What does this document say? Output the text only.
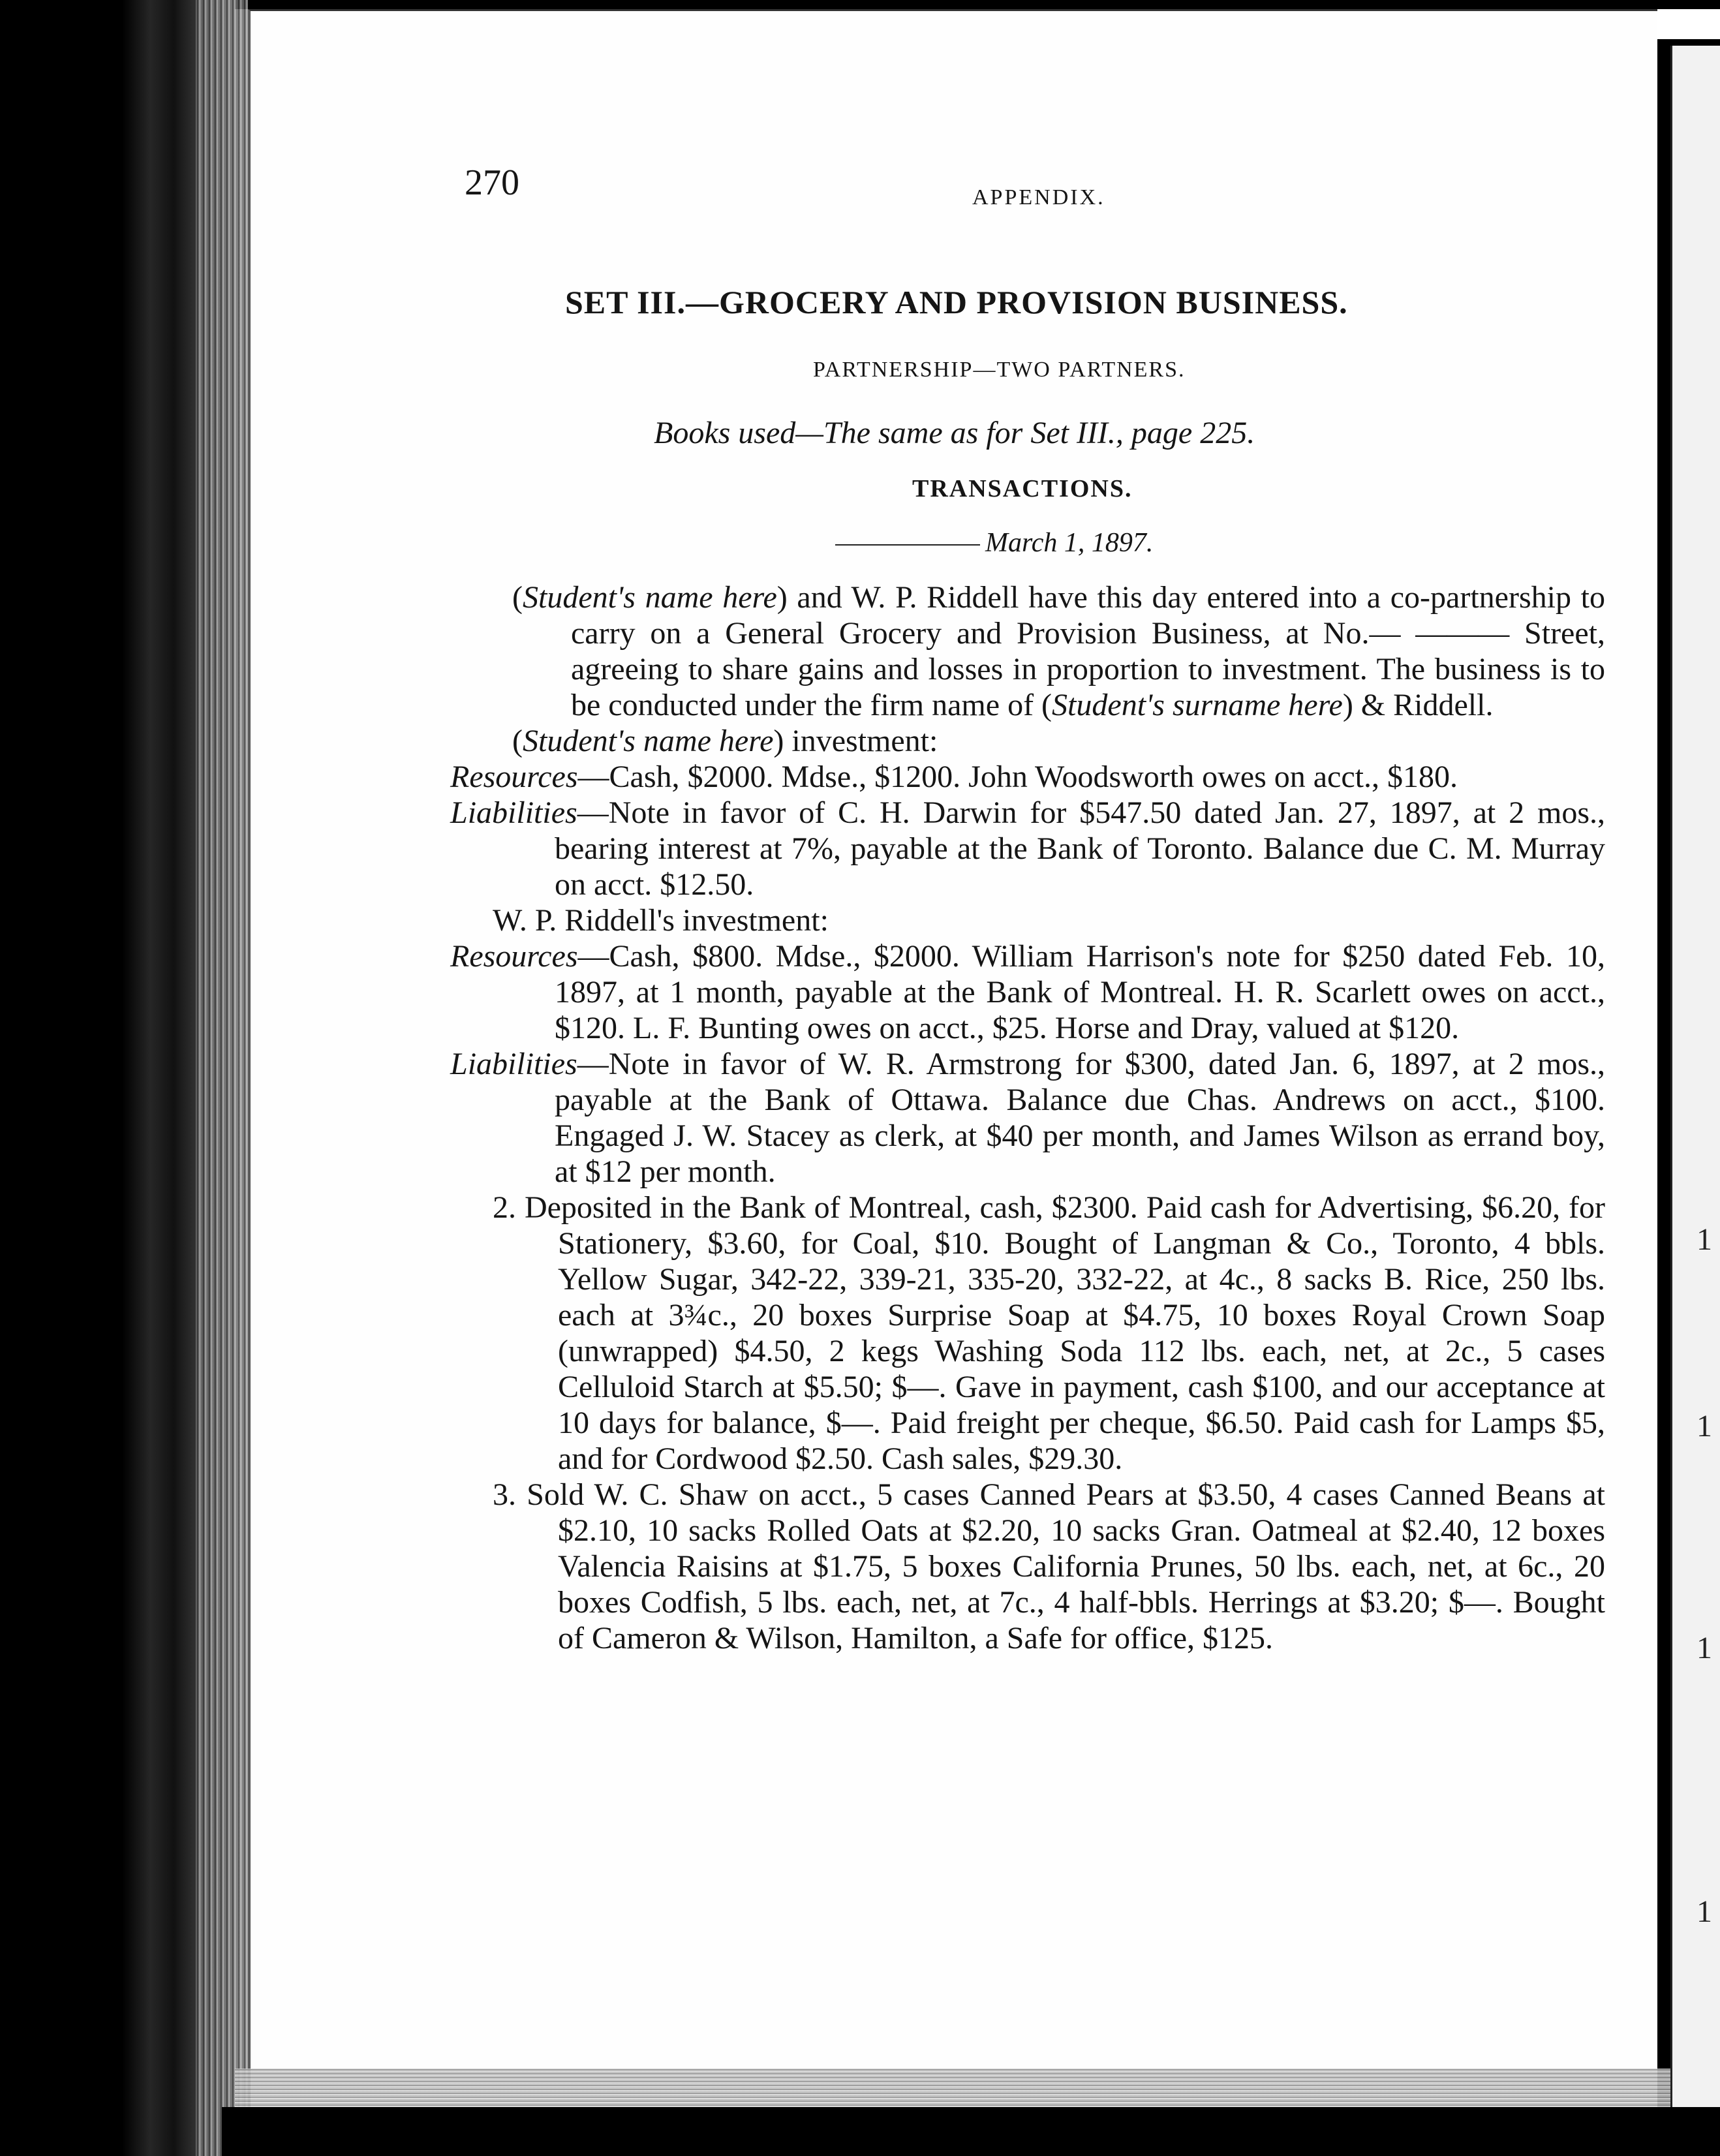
1
1
1
1
270	APPENDIX.
SET III.—GROCERY AND PROVISION BUSINESS.
PARTNERSHIP—TWO PARTNERS.
Books used—The same as for Set III., page 225.
TRANSACTIONS.
March 1, 1897.

(Student's name here) and W. P. Riddell have this day entered into a co-partnership to carry on a General Grocery and Provision Business, at No.— ——— Street, agreeing to share gains and losses in proportion to investment. The business is to be conducted under the firm name of (Student's surname here) & Riddell.

(Student's name here) investment:

Resources—Cash, $2000. Mdse., $1200. John Woodsworth owes on acct., $180.

Liabilities—Note in favor of C. H. Darwin for $547.50 dated Jan. 27, 1897, at 2 mos., bearing interest at 7%, payable at the Bank of Toronto. Balance due C. M. Murray on acct. $12.50.

W. P. Riddell's investment:

Resources—Cash, $800. Mdse., $2000. William Harrison's note for $250 dated Feb. 10, 1897, at 1 month, payable at the Bank of Montreal. H. R. Scarlett owes on acct., $120. L. F. Bunting owes on acct., $25. Horse and Dray, valued at $120.

Liabilities—Note in favor of W. R. Armstrong for $300, dated Jan. 6, 1897, at 2 mos., payable at the Bank of Ottawa. Balance due Chas. Andrews on acct., $100. Engaged J. W. Stacey as clerk, at $40 per month, and James Wilson as errand boy, at $12 per month.

2. Deposited in the Bank of Montreal, cash, $2300. Paid cash for Advertising, $6.20, for Stationery, $3.60, for Coal, $10. Bought of Langman & Co., Toronto, 4 bbls. Yellow Sugar, 342-22, 339-21, 335-20, 332-22, at 4c., 8 sacks B. Rice, 250 lbs. each at 3¾c., 20 boxes Surprise Soap at $4.75, 10 boxes Royal Crown Soap (unwrapped) $4.50, 2 kegs Washing Soda 112 lbs. each, net, at 2c., 5 cases Celluloid Starch at $5.50; $—. Gave in payment, cash $100, and our acceptance at 10 days for balance, $—. Paid freight per cheque, $6.50. Paid cash for Lamps $5, and for Cordwood $2.50. Cash sales, $29.30.

3. Sold W. C. Shaw on acct., 5 cases Canned Pears at $3.50, 4 cases Canned Beans at $2.10, 10 sacks Rolled Oats at $2.20, 10 sacks Gran. Oatmeal at $2.40, 12 boxes Valencia Raisins at $1.75, 5 boxes California Prunes, 50 lbs. each, net, at 6c., 20 boxes Codfish, 5 lbs. each, net, at 7c., 4 half-bbls. Herrings at $3.20; $—. Bought of Cameron & Wilson, Hamilton, a Safe for office, $125.
